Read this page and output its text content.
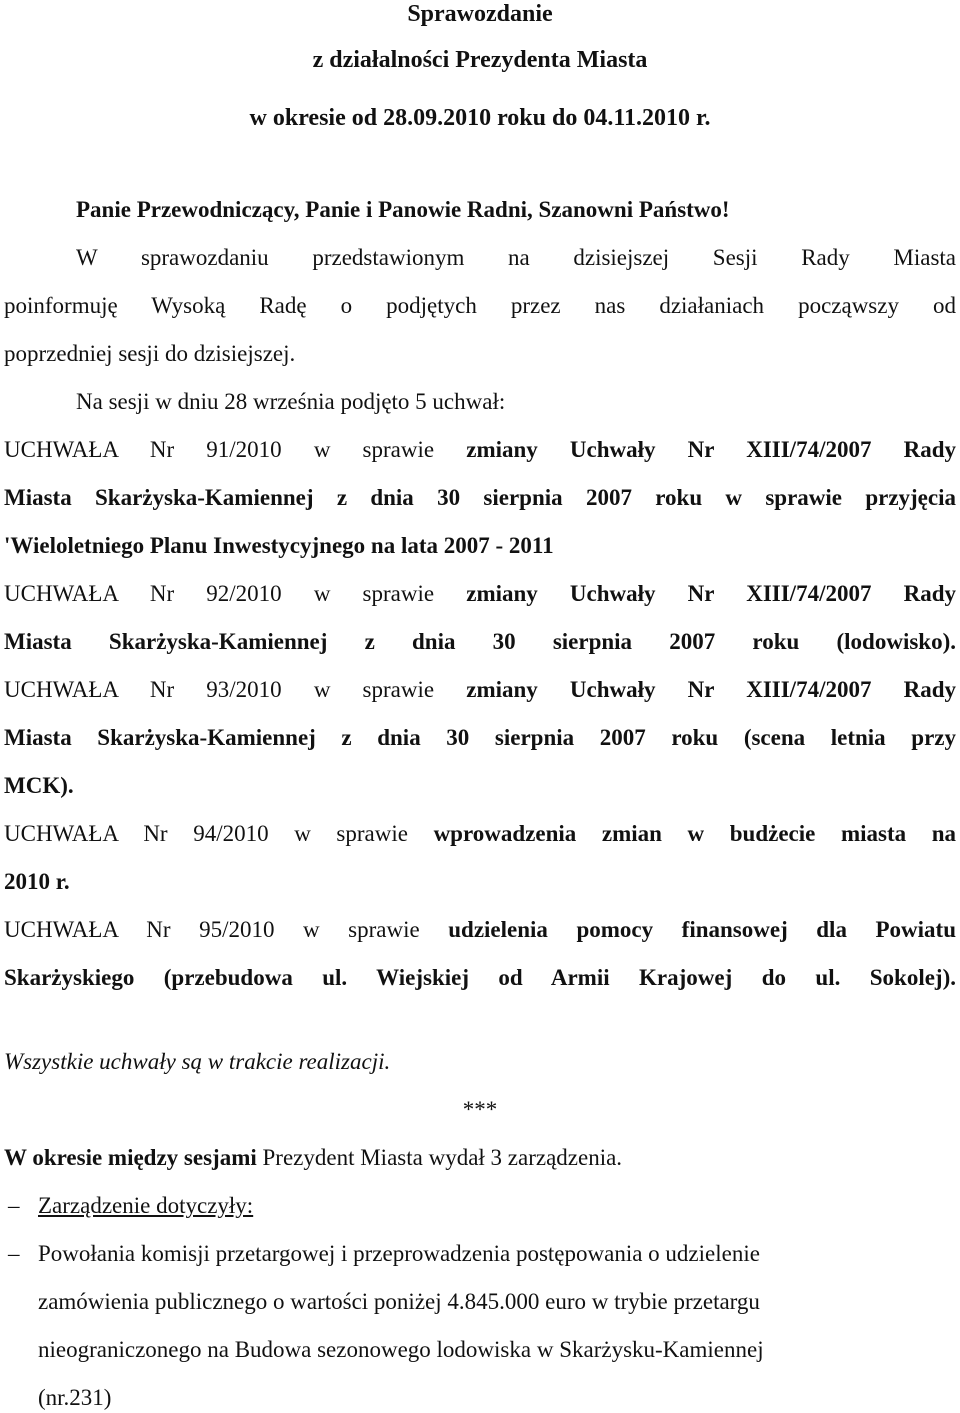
Sprawozdanie
z działalności Prezydenta Miasta
w okresie od 28.09.2010 roku do 04.11.2010 r.
Panie Przewodniczący, Panie i Panowie Radni, Szanowni Państwo!
W sprawozdaniu przedstawionym na dzisiejszej Sesji Rady Miasta
poinformuję Wysoką Radę o podjętych przez nas działaniach począwszy od
poprzedniej sesji do dzisiejszej.
Na sesji w dniu 28 września podjęto 5 uchwał:
UCHWAŁA Nr 91/2010 w sprawie zmiany Uchwały Nr XIII/74/2007 Rady
Miasta Skarżyska-Kamiennej z dnia 30 sierpnia 2007 roku w sprawie przyjęcia
'Wieloletniego Planu Inwestycyjnego na lata 2007 - 2011
UCHWAŁA Nr 92/2010 w sprawie zmiany Uchwały Nr XIII/74/2007 Rady
Miasta Skarżyska-Kamiennej z dnia 30 sierpnia 2007 roku (lodowisko).
UCHWAŁA Nr 93/2010 w sprawie zmiany Uchwały Nr XIII/74/2007 Rady
Miasta Skarżyska-Kamiennej z dnia 30 sierpnia 2007 roku (scena letnia przy
MCK).
UCHWAŁA Nr 94/2010 w sprawie wprowadzenia zmian w budżecie miasta na
2010 r.
UCHWAŁA Nr 95/2010 w sprawie udzielenia pomocy finansowej dla Powiatu
Skarżyskiego (przebudowa ul. Wiejskiej od Armii Krajowej do ul. Sokolej).
Wszystkie uchwały są w trakcie realizacji.
***
W okresie między sesjami Prezydent Miasta wydał 3 zarządzenia.
– Zarządzenie dotyczyły:
– Powołania komisji przetargowej i przeprowadzenia postępowania o udzielenie
zamówienia publicznego o wartości poniżej 4.845.000 euro w trybie przetargu
nieograniczonego na Budowa sezonowego lodowiska w Skarżysku-Kamiennej
(nr.231)
